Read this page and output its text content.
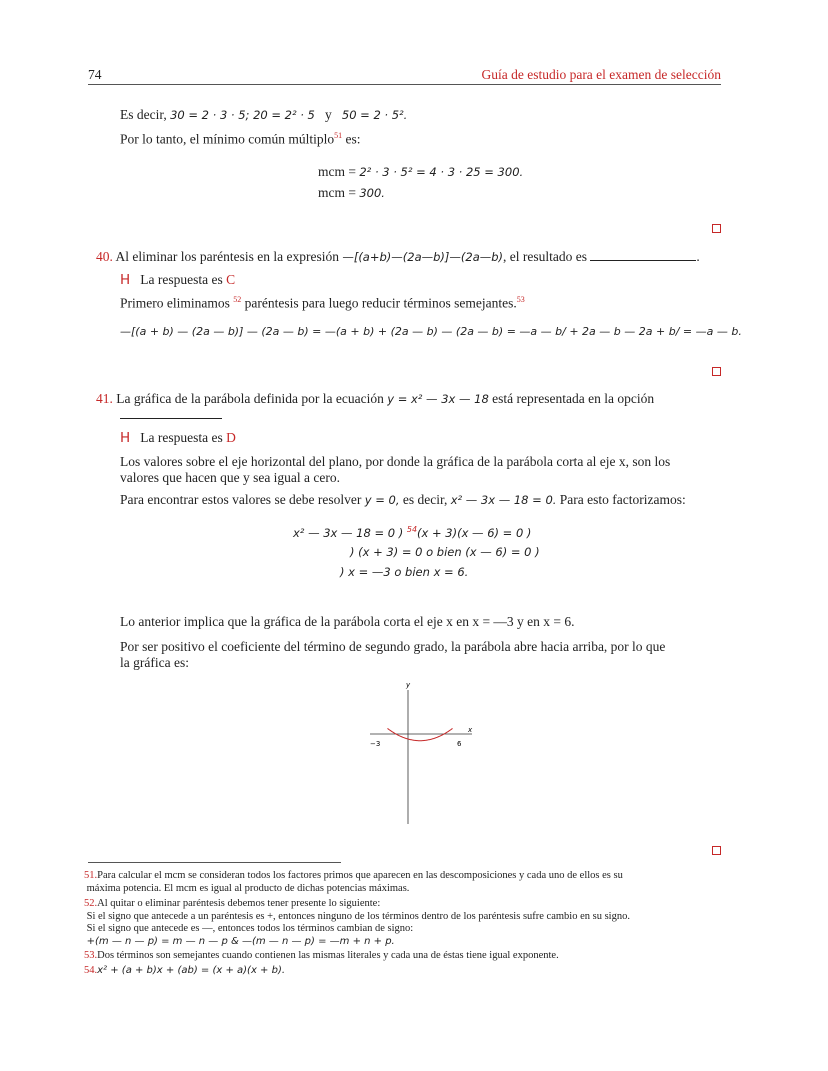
74	Guía de estudio para el examen de selección
Es decir, 30 = 2 · 3 · 5; 20 = 2² · 5 y 50 = 2 · 5².
Por lo tanto, el mínimo común múltiplo$^{51}$ es:
mcm = 2² · 3 · 5² = 4 · 3 · 25 = 300.
mcm = 300.
40. Al eliminar los paréntesis en la expresión —[(a+b)—(2a—b)]—(2a—b), el resultado es	.
H La respuesta es C
Primero eliminamos $^{52}$ paréntesis para luego reducir términos semejantes.$^{53}$
—[(a + b) — (2a — b)] — (2a — b) = —(a + b) + (2a — b) — (2a — b) = —a — b/ + 2a — b — 2a + b/ = —a — b.
41. La gráfica de la parábola definida por la ecuación y = x² — 3x — 18 está representada en la opción
H La respuesta es D
Los valores sobre el eje horizontal del plano, por donde la gráfica de la parábola corta al eje x, son los
valores que hacen que y sea igual a cero.
Para encontrar estos valores se debe resolver y = 0, es decir, x² — 3x — 18 = 0. Para esto factorizamos:
x² — 3x — 18 = 0 ) $^{54}$(x + 3)(x — 6) = 0 )
) (x + 3) = 0 o bien (x — 6) = 0 )
) x = —3 o bien x = 6.
Lo anterior implica que la gráfica de la parábola corta el eje x en x = —3 y en x = 6.
Por ser positivo el coeficiente del término de segundo grado, la parábola abre hacia arriba, por lo que
la gráfica es:
y
x
−3	6
51.Para calcular el mcm se consideran todos los factores primos que aparecen en las descomposiciones y cada uno de ellos es su
máxima potencia. El mcm es igual al producto de dichas potencias máximas.
52.Al quitar o eliminar paréntesis debemos tener presente lo siguiente:
Si el signo que antecede a un paréntesis es +, entonces ninguno de los términos dentro de los paréntesis sufre cambio en su signo.
Si el signo que antecede es —, entonces todos los términos cambian de signo:
+(m — n — p) = m — n — p & —(m — n — p) = —m + n + p.
53.Dos términos son semejantes cuando contienen las mismas literales y cada una de éstas tiene igual exponente.
54.x² + (a + b)x + (ab) = (x + a)(x + b).
